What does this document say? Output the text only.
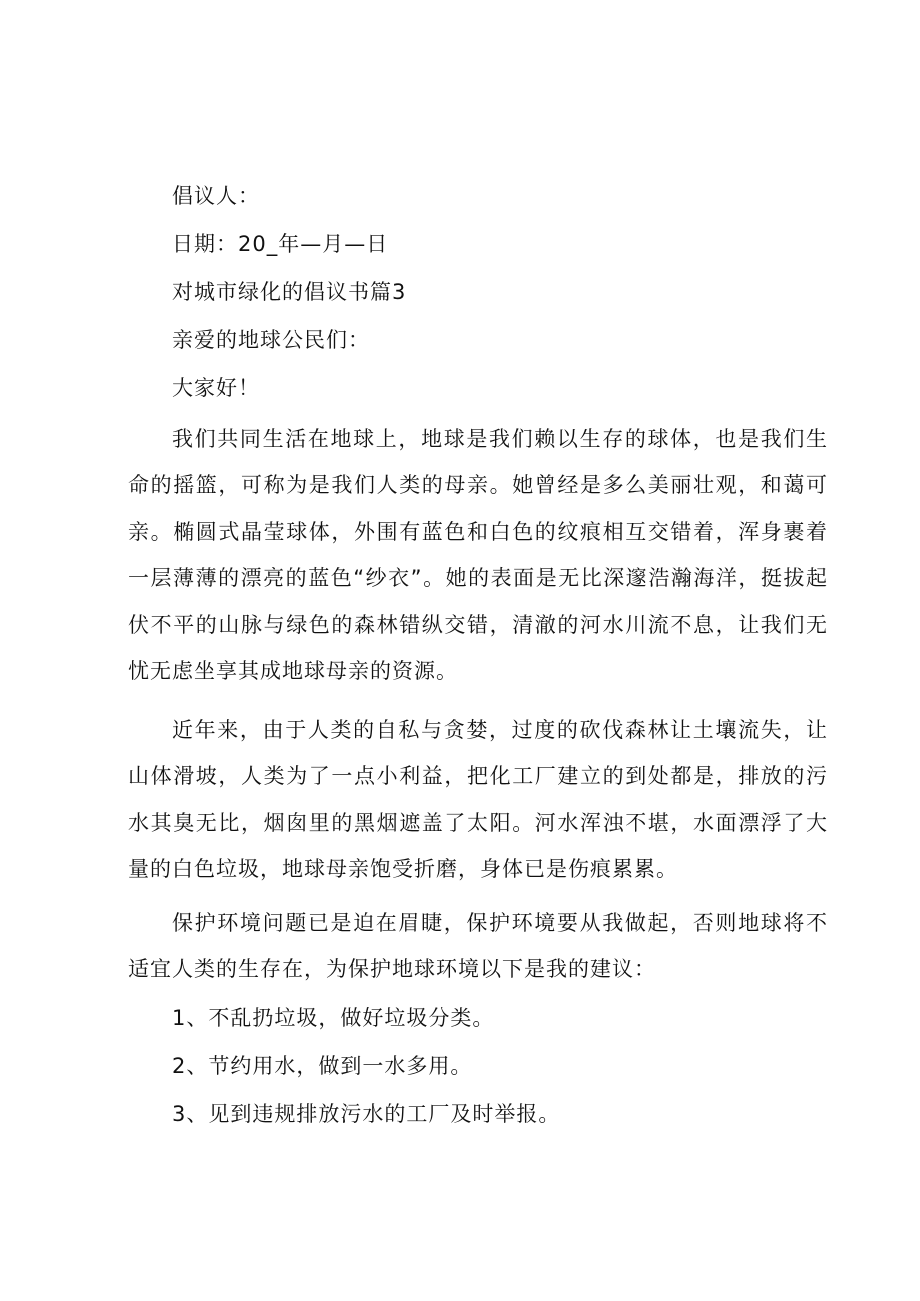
倡议人：
日期：20_年—月—日
对城市绿化的倡议书篇3
亲爱的地球公民们：
大家好！
我们共同生活在地球上，地球是我们赖以生存的球体，也是我们生命的摇篮，可称为是我们人类的母亲。她曾经是多么美丽壮观，和蔼可亲。椭圆式晶莹球体，外围有蓝色和白色的纹痕相互交错着，浑身裹着一层薄薄的漂亮的蓝色“纱衣”。她的表面是无比深邃浩瀚海洋，挺拔起伏不平的山脉与绿色的森林错纵交错，清澈的河水川流不息，让我们无忧无虑坐享其成地球母亲的资源。
近年来，由于人类的自私与贪婪，过度的砍伐森林让土壤流失，让山体滑坡，人类为了一点小利益，把化工厂建立的到处都是，排放的污水其臭无比，烟囱里的黑烟遮盖了太阳。河水浑浊不堪，水面漂浮了大量的白色垃圾，地球母亲饱受折磨，身体已是伤痕累累。
保护环境问题已是迫在眉睫，保护环境要从我做起，否则地球将不适宜人类的生存在，为保护地球环境以下是我的建议：
1、不乱扔垃圾，做好垃圾分类。
2、节约用水，做到一水多用。
3、见到违规排放污水的工厂及时举报。
